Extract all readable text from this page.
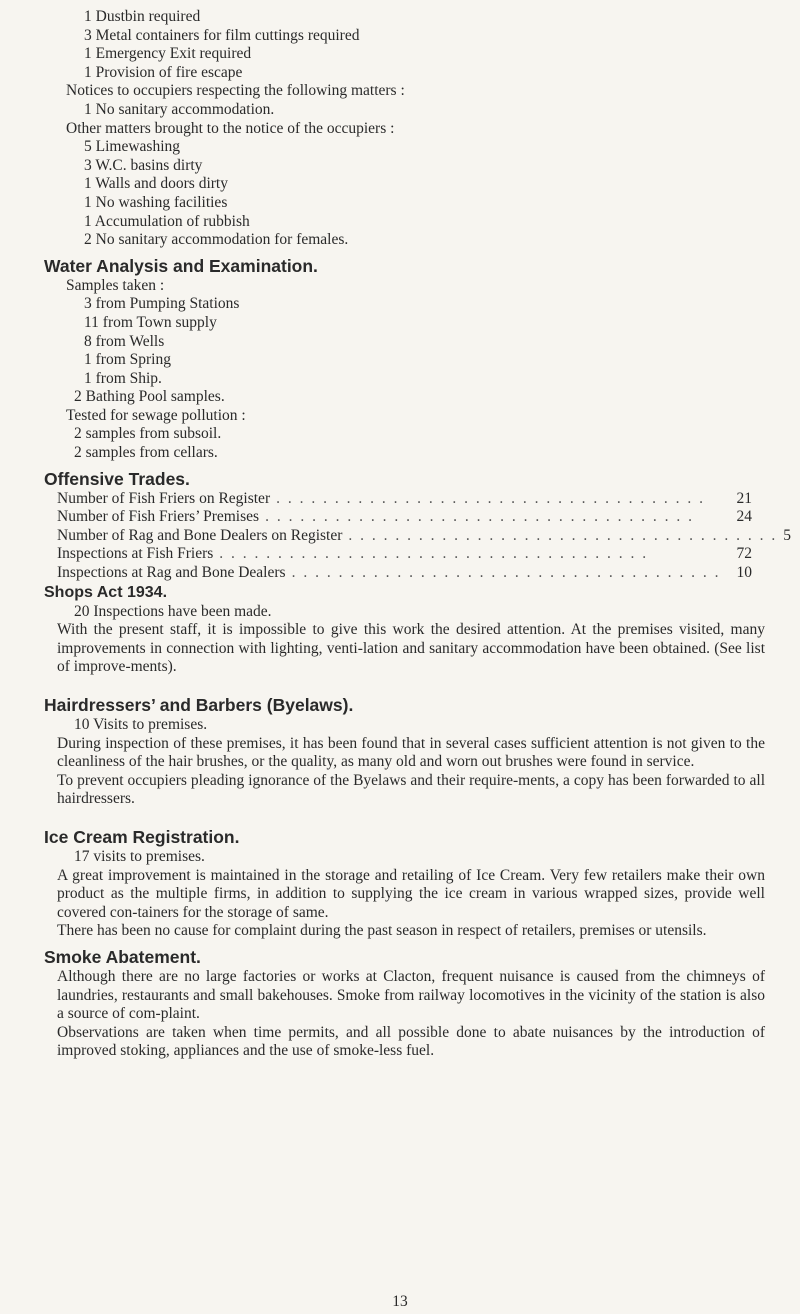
1 Dustbin required
3 Metal containers for film cuttings required
1 Emergency Exit required
1 Provision of fire escape
Notices to occupiers respecting the following matters :
1 No sanitary accommodation.
Other matters brought to the notice of the occupiers :
5 Limewashing
3 W.C. basins dirty
1 Walls and doors dirty
1 No washing facilities
1 Accumulation of rubbish
2 No sanitary accommodation for females.
Water Analysis and Examination.
Samples taken :
3 from Pumping Stations
11 from Town supply
8 from Wells
1 from Spring
1 from Ship.
2 Bathing Pool samples.
Tested for sewage pollution :
2 samples from subsoil.
2 samples from cellars.
Offensive Trades.
Number of Fish Friers on Register . . . . . . . . . . . . . . . . . . . . . . . . . . . . . . . . . . . . .	21
Number of Fish Friers’ Premises . . . . . . . . . . . . . . . . . . . . . . . . . . . . . . . . . . . . .	24
Number of Rag and Bone Dealers on Register . . . . . . . . . . . . . . . . . . . . . . . . . . . . . . . . . . . . . 5
Inspections at Fish Friers . . . . . . . . . . . . . . . . . . . . . . . . . . . . . . . . . . . . .	72
Inspections at Rag and Bone Dealers . . . . . . . . . . . . . . . . . . . . . . . . . . . . . . . . . . . . .	10
Shops Act 1934.
20 Inspections have been made.
With the present staff, it is impossible to give this work the desired attention. At the premises visited, many improvements in connection with lighting, venti-lation and sanitary accommodation have been obtained. (See list of improve-ments).
Hairdressers’ and Barbers (Byelaws).
10 Visits to premises.
During inspection of these premises, it has been found that in several cases sufficient attention is not given to the cleanliness of the hair brushes, or the quality, as many old and worn out brushes were found in service.
To prevent occupiers pleading ignorance of the Byelaws and their require-ments, a copy has been forwarded to all hairdressers.
Ice Cream Registration.
17 visits to premises.
A great improvement is maintained in the storage and retailing of Ice Cream. Very few retailers make their own product as the multiple firms, in addition to supplying the ice cream in various wrapped sizes, provide well covered con-tainers for the storage of same.
There has been no cause for complaint during the past season in respect of retailers, premises or utensils.
Smoke Abatement.
Although there are no large factories or works at Clacton, frequent nuisance is caused from the chimneys of laundries, restaurants and small bakehouses. Smoke from railway locomotives in the vicinity of the station is also a source of com-plaint.
Observations are taken when time permits, and all possible done to abate nuisances by the introduction of improved stoking, appliances and the use of smoke-less fuel.
13
